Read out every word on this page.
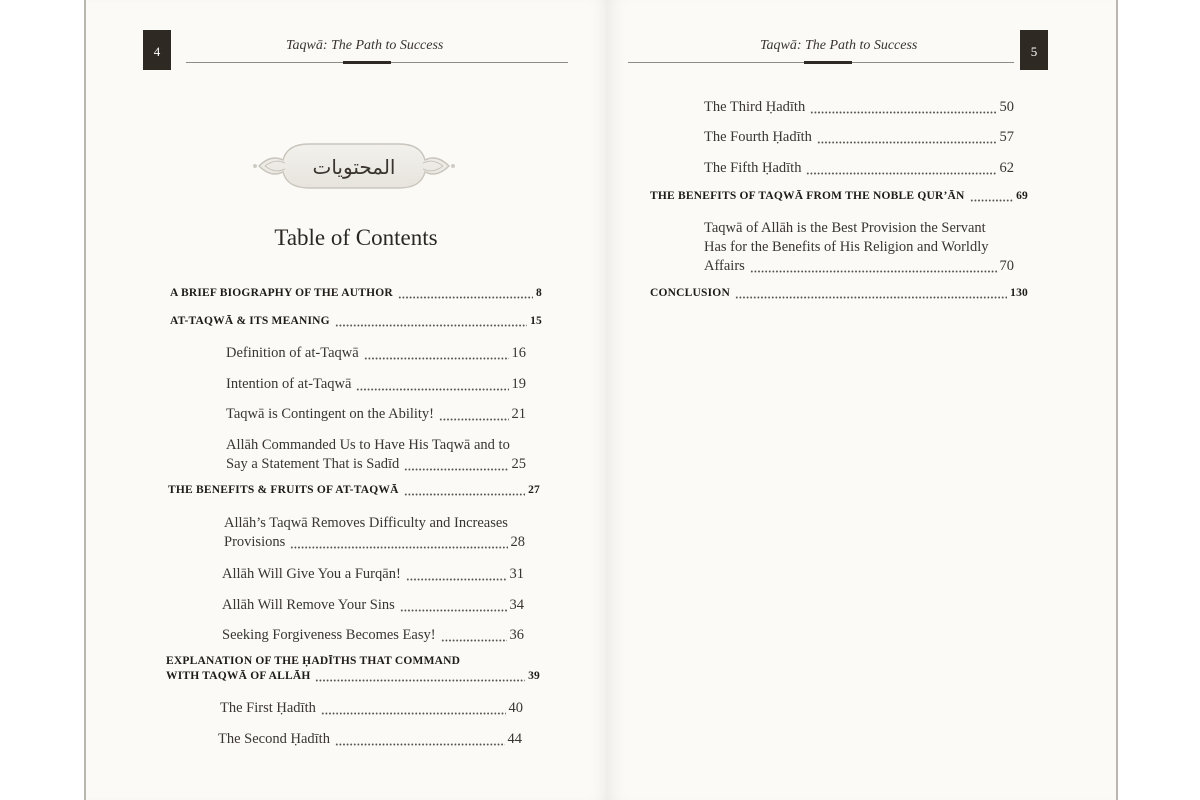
4	Taqwā: The Path to Success
المحتويات
Table of Contents
A BRIEF BIOGRAPHY OF THE AUTHOR	8
AT-TAQWĀ & ITS MEANING	15
Definition of at-Taqwā	16
Intention of at-Taqwā	19
Taqwā is Contingent on the Ability!	21
Allāh Commanded Us to Have His Taqwā and to
Say a Statement That is Sadīd	25
THE BENEFITS & FRUITS OF AT-TAQWĀ	27
Allāh’s Taqwā Removes Difficulty and Increases
Provisions	28
Allāh Will Give You a Furqān!	31
Allāh Will Remove Your Sins	34
Seeking Forgiveness Becomes Easy!	36
EXPLANATION OF THE ḤADĪTHS THAT COMMAND
WITH TAQWĀ OF ALLĀH	39
The First Ḥadīth	40
The Second Ḥadīth	44
Taqwā: The Path to Success	5
The Third Ḥadīth	50
The Fourth Ḥadīth	57
The Fifth Ḥadīth	62
THE BENEFITS OF TAQWĀ FROM THE NOBLE QUR’ĀN	69
Taqwā of Allāh is the Best Provision the Servant
Has for the Benefits of His Religion and Worldly
Affairs	70
CONCLUSION	130
